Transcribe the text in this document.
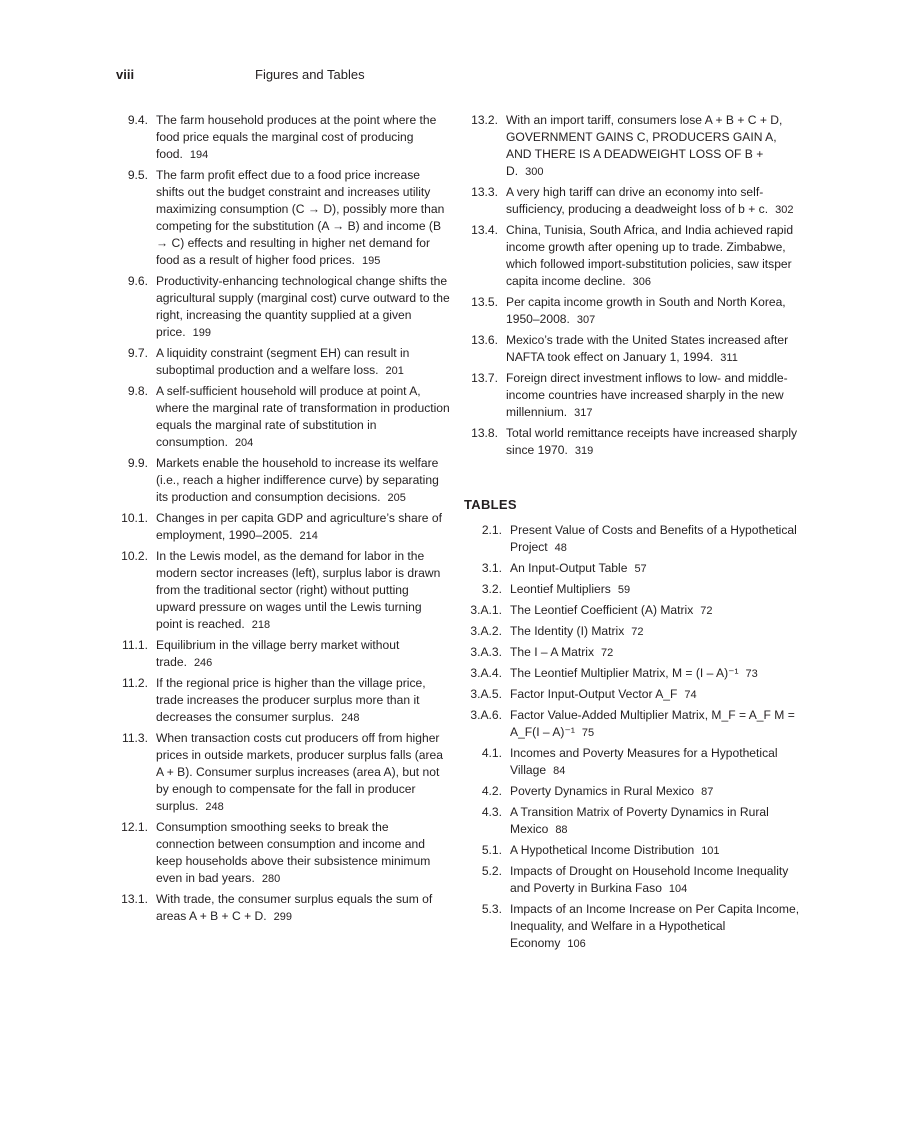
viii	Figures and Tables
9.4. The farm household produces at the point where the food price equals the marginal cost of producing food. 194
9.5. The farm profit effect due to a food price increase shifts out the budget constraint and increases utility maximizing consumption (C → D), possibly more than competing for the substitution (A → B) and income (B → C) effects and resulting in higher net demand for food as a result of higher food prices. 195
9.6. Productivity-enhancing technological change shifts the agricultural supply (marginal cost) curve outward to the right, increasing the quantity supplied at a given price. 199
9.7. A liquidity constraint (segment EH) can result in suboptimal production and a welfare loss. 201
9.8. A self-sufficient household will produce at point A, where the marginal rate of transformation in production equals the marginal rate of substitution in consumption. 204
9.9. Markets enable the household to increase its welfare (i.e., reach a higher indifference curve) by separating its production and consumption decisions. 205
10.1. Changes in per capita GDP and agriculture’s share of employment, 1990–2005. 214
10.2. In the Lewis model, as the demand for labor in the modern sector increases (left), surplus labor is drawn from the traditional sector (right) without putting upward pressure on wages until the Lewis turning point is reached. 218
11.1. Equilibrium in the village berry market without trade. 246
11.2. If the regional price is higher than the village price, trade increases the producer surplus more than it decreases the consumer surplus. 248
11.3. When transaction costs cut producers off from higher prices in outside markets, producer surplus falls (area A + B). Consumer surplus increases (area A), but not by enough to compensate for the fall in producer surplus. 248
12.1. Consumption smoothing seeks to break the connection between consumption and income and keep households above their subsistence minimum even in bad years. 280
13.1. With trade, the consumer surplus equals the sum of areas A + B + C + D. 299
13.2. With an import tariff, consumers lose A + B + C + D, GOVERNMENT GAINS C, PRODUCERS GAIN A, AND THERE IS A DEADWEIGHT LOSS OF B + D. 300
13.3. A very high tariff can drive an economy into self-sufficiency, producing a deadweight loss of b + c. 302
13.4. China, Tunisia, South Africa, and India achieved rapid income growth after opening up to trade. Zimbabwe, which followed import-substitution policies, saw itsper capita income decline. 306
13.5. Per capita income growth in South and North Korea, 1950–2008. 307
13.6. Mexico’s trade with the United States increased after NAFTA took effect on January 1, 1994. 311
13.7. Foreign direct investment inflows to low- and middle-income countries have increased sharply in the new millennium. 317
13.8. Total world remittance receipts have increased sharply since 1970. 319
TABLES
2.1. Present Value of Costs and Benefits of a Hypothetical Project 48
3.1. An Input-Output Table 57
3.2. Leontief Multipliers 59
3.A.1. The Leontief Coefficient (A) Matrix 72
3.A.2. The Identity (I) Matrix 72
3.A.3. The I – A Matrix 72
3.A.4. The Leontief Multiplier Matrix, M = (I – A)⁻¹ 73
3.A.5. Factor Input-Output Vector A_F 74
3.A.6. Factor Value-Added Multiplier Matrix, M_F = A_F M = A_F(I – A)⁻¹ 75
4.1. Incomes and Poverty Measures for a Hypothetical Village 84
4.2. Poverty Dynamics in Rural Mexico 87
4.3. A Transition Matrix of Poverty Dynamics in Rural Mexico 88
5.1. A Hypothetical Income Distribution 101
5.2. Impacts of Drought on Household Income Inequality and Poverty in Burkina Faso 104
5.3. Impacts of an Income Increase on Per Capita Income, Inequality, and Welfare in a Hypothetical Economy 106
